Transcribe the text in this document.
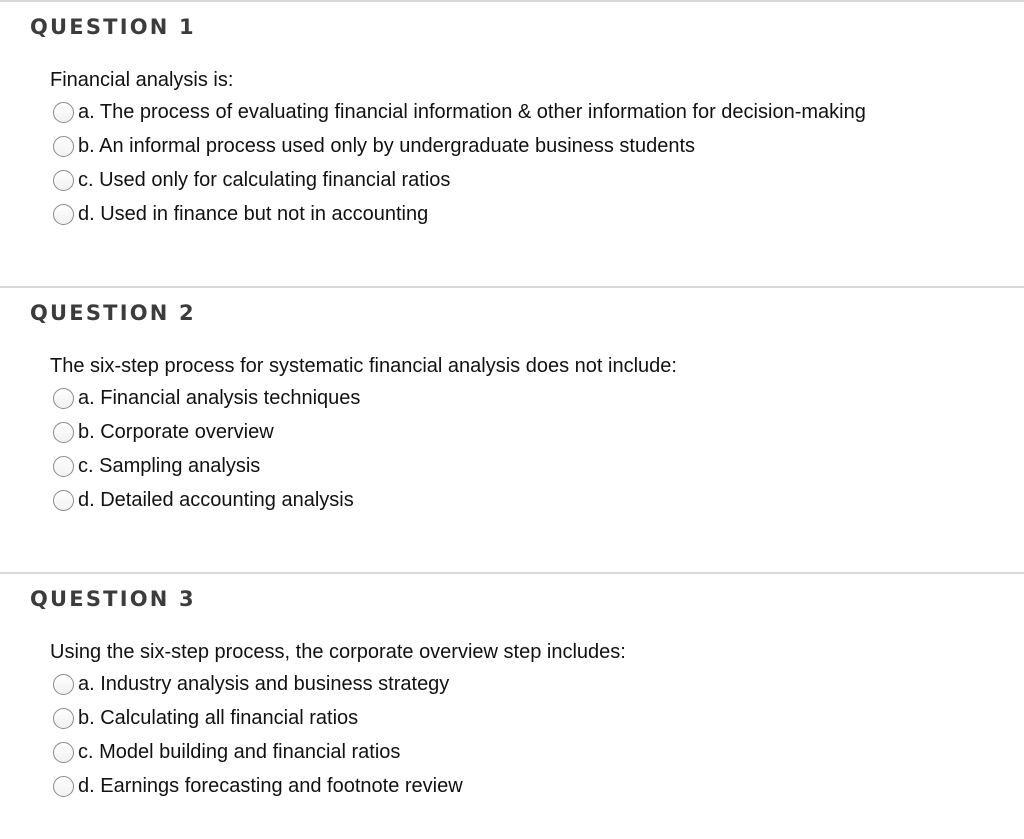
QUESTION 1
Financial analysis is:
a. The process of evaluating financial information & other information for decision-making
b. An informal process used only by undergraduate business students
c. Used only for calculating financial ratios
d. Used in finance but not in accounting
QUESTION 2
The six-step process for systematic financial analysis does not include:
a. Financial analysis techniques
b. Corporate overview
c. Sampling analysis
d. Detailed accounting analysis
QUESTION 3
Using the six-step process, the corporate overview step includes:
a. Industry analysis and business strategy
b. Calculating all financial ratios
c. Model building and financial ratios
d. Earnings forecasting and footnote review
